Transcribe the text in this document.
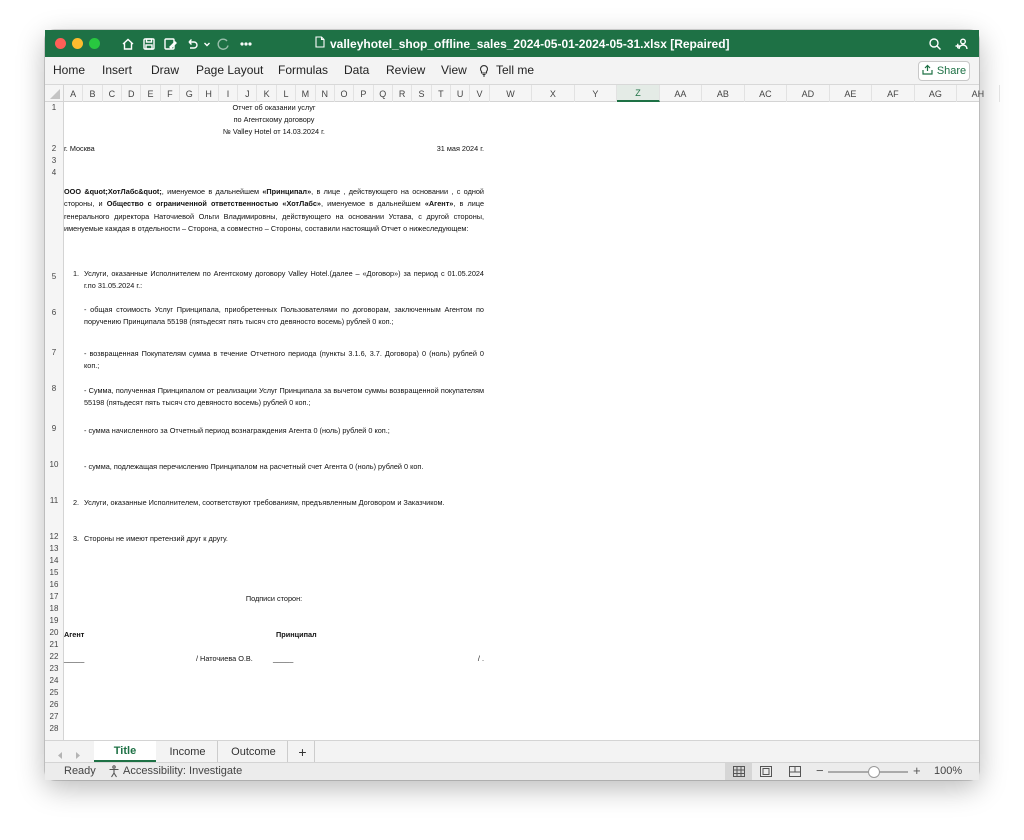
valleyhotel_shop_offline_sales_2024-05-01-2024-05-31.xlsx [Repaired]
Home Insert Draw Page Layout Formulas Data Review View Tell me	Share
A	B	C	D	E	F	G	H	I	J	K	L	M	N	O	P	Q	R	S	T	U	V	W	X	Y	Z	AA	AB	AC	AD	AE	AF	AG	AH
1
2
3
4
5
6
7
8
9
10
11
12
13
14
15
16
17
18
19
20
21
22
23
24
25
26
27
28
Отчет об оказании услуг
по Агентскому договору
№ Valley Hotel от 14.03.2024 г.
г. Москва	31 мая 2024 г.
ООО &quot;ХотЛабс&quot;, именуемое в дальнейшем «Принципал», в лице , действующего на основании , с одной стороны, и Общество с ограниченной ответственностью «ХотЛабс», именуемое в дальнейшем «Агент», в лице генерального директора Наточиевой Ольги Владимировны, действующего на основании Устава, с другой стороны, именуемые каждая в отдельности – Сторона, а совместно – Стороны, составили настоящий Отчет о нижеследующем:
1. Услуги, оказанные Исполнителем по Агентскому договору Valley Hotel.(далее – «Договор») за период с 01.05.2024 г.по 31.05.2024 г.:
- общая стоимость Услуг Принципала, приобретенных Пользователями по договорам, заключенным Агентом по поручению Принципала 55198 (пятьдесят пять тысяч сто девяносто восемь) рублей 0 коп.;
- возвращенная Покупателям сумма в течение Отчетного периода (пункты 3.1.6, 3.7. Договора) 0 (ноль) рублей 0 коп.;
- Сумма, полученная Принципалом от реализации Услуг Принципала за вычетом суммы возвращенной покупателям 55198 (пятьдесят пять тысяч сто девяносто восемь) рублей 0 коп.;
- сумма начисленного за Отчетный период вознаграждения Агента 0 (ноль) рублей 0 коп.;
- сумма, подлежащая перечислению Принципалом на расчетный счет Агента 0 (ноль) рублей 0 коп.
2. Услуги, оказанные Исполнителем, соответствуют требованиям, предъявленным Договором и Заказчиком.
3. Стороны не имеют претензий друг к другу.
Подписи сторон:
Агент	Принципал
_____	/ Наточиева О.В.	_____	/ .
Title	Income	Outcome	+
Ready Accessibility: Investigate	−	+ 100%
